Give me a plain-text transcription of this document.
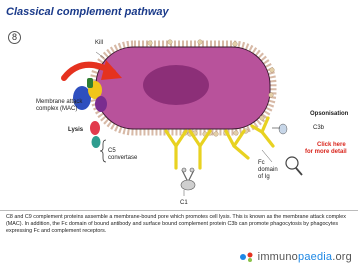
Classical complement pathway
8
Kill
Membrane attack
complex (MAC)
Lysis
C5
convertase
Opsonisation
C3b
Click here
for more detail
Fc
domain
of Ig
C1
C8 and C9 complement proteins assemble a membrane-bound pore which promotes cell lysis. This is known as the membrane attack complex (MAC). In addition, the Fc domain of bound antibody and surface bound complement protein C3b can promote phagocytosis by phagocytes expressing Fc and complement receptors.
immunopaedia.org
